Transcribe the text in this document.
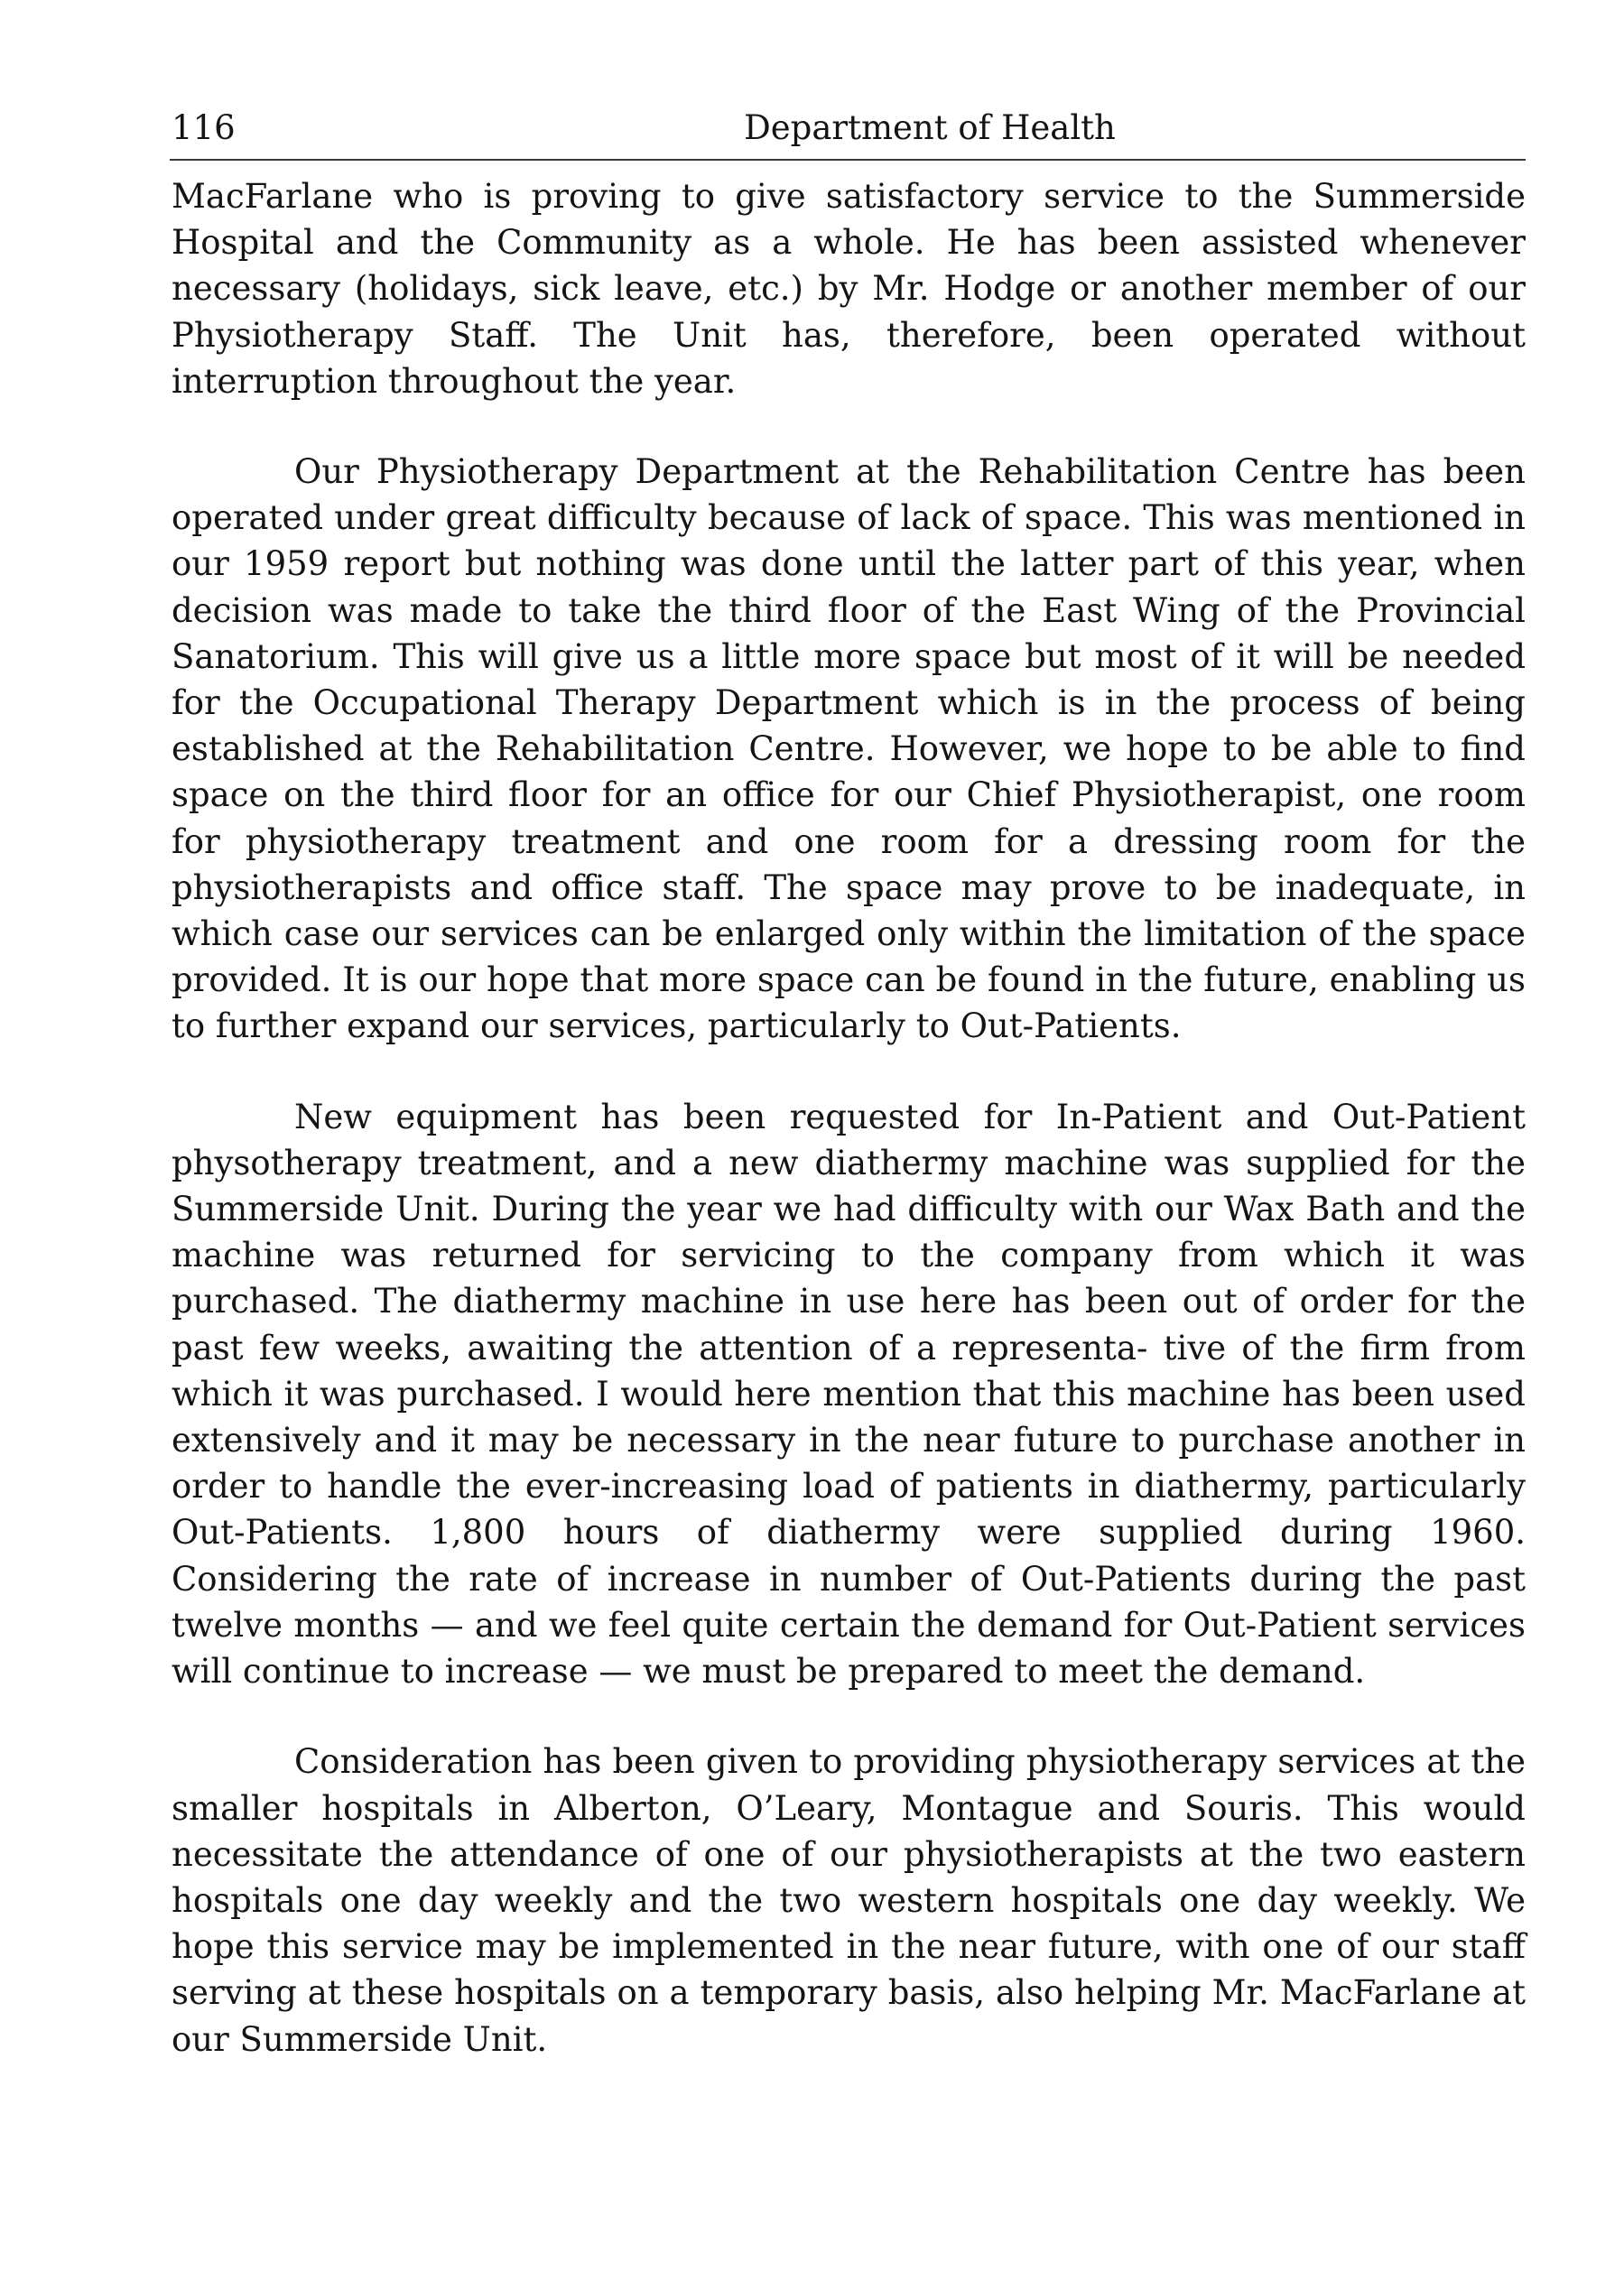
116	Department of Health

MacFarlane who is proving to give satisfactory service to the Summerside Hospital and the Community as a whole. He has been assisted whenever necessary (holidays, sick leave, etc.) by Mr. Hodge or another member of our Physiotherapy Staff. The Unit has, therefore, been operated without interruption throughout the year.

Our Physiotherapy Department at the Rehabilitation Centre has been operated under great difficulty because of lack of space. This was mentioned in our 1959 report but nothing was done until the latter part of this year, when decision was made to take the third floor of the East Wing of the Provincial Sanatorium. This will give us a little more space but most of it will be needed for the Occupational Therapy Department which is in the process of being established at the Rehabilitation Centre. However, we hope to be able to find space on the third floor for an office for our Chief Physiotherapist, one room for physiotherapy treatment and one room for a dressing room for the physiotherapists and office staff. The space may prove to be inadequate, in which case our services can be enlarged only within the limitation of the space provided. It is our hope that more space can be found in the future, enabling us to further expand our services, particularly to Out-Patients.

New equipment has been requested for In-Patient and Out-Patient physotherapy treatment, and a new diathermy machine was supplied for the Summerside Unit. During the year we had difficulty with our Wax Bath and the machine was returned for servicing to the company from which it was purchased. The diathermy machine in use here has been out of order for the past few weeks, awaiting the attention of a representa- tive of the firm from which it was purchased. I would here mention that this machine has been used extensively and it may be necessary in the near future to purchase another in order to handle the ever-increasing load of patients in diathermy, particularly Out-Patients. 1,800 hours of diathermy were supplied during 1960. Considering the rate of increase in number of Out-Patients during the past twelve months — and we feel quite certain the demand for Out-Patient services will continue to increase — we must be prepared to meet the demand.

Consideration has been given to providing physiotherapy services at the smaller hospitals in Alberton, O’Leary, Montague and Souris. This would necessitate the attendance of one of our physiotherapists at the two eastern hospitals one day weekly and the two western hospitals one day weekly. We hope this service may be implemented in the near future, with one of our staff serving at these hospitals on a temporary basis, also helping Mr. MacFarlane at our Summerside Unit.
